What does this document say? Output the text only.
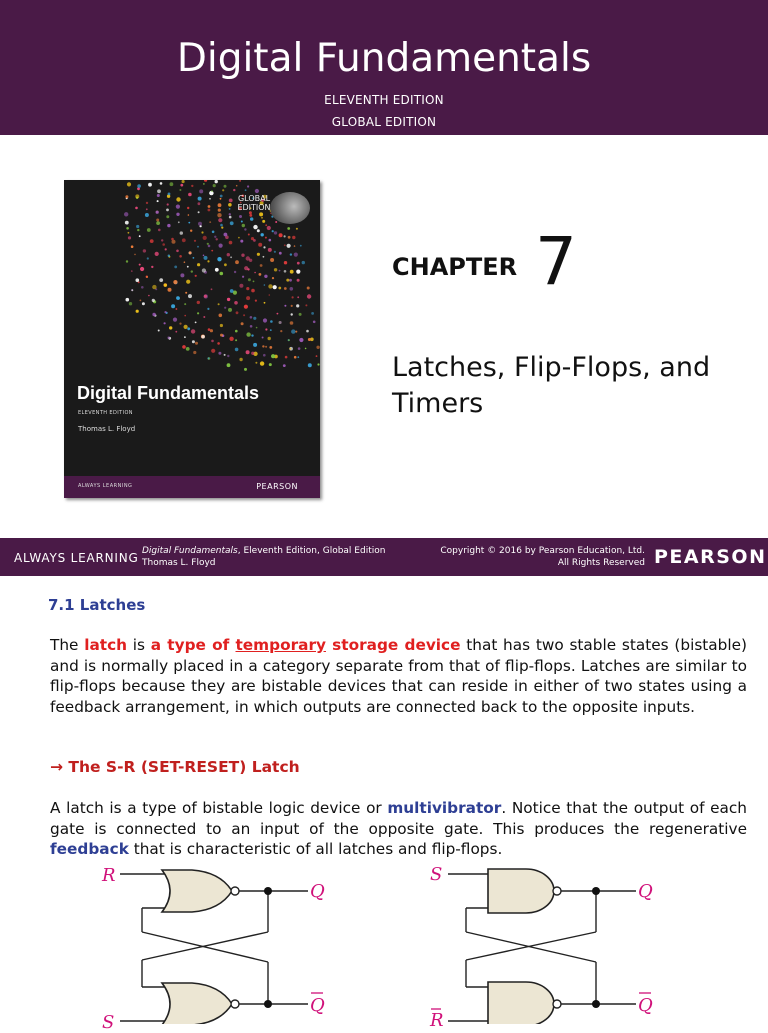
Digital Fundamentals
ELEVENTH EDITION
GLOBAL EDITION
GLOBAL EDITION
Digital Fundamentals
ELEVENTH EDITION
Thomas L. Floyd
ALWAYS LEARNING	PEARSON
CHAPTER 7
Latches, Flip-Flops, and Timers
ALWAYS LEARNING Digital Fundamentals, Eleventh Edition, Global Edition
Thomas L. Floyd
Copyright © 2016 by Pearson Education, Ltd.
All Rights Reserved PEARSON
7.1 Latches
The latch is a type of temporary storage device that has two stable states (bistable) and is normally placed in a category separate from that of flip-flops. Latches are similar to flip-flops because they are bistable devices that can reside in either of two states using a feedback arrangement, in which outputs are connected back to the opposite inputs.
→ The S-R (SET-RESET) Latch
A latch is a type of bistable logic device or multivibrator. Notice that the output of each gate is connected to an input of the opposite gate. This produces the regenerative feedback that is characteristic of all latches and flip-flops.
R
S
Q
Q
S
R
Q
Q
